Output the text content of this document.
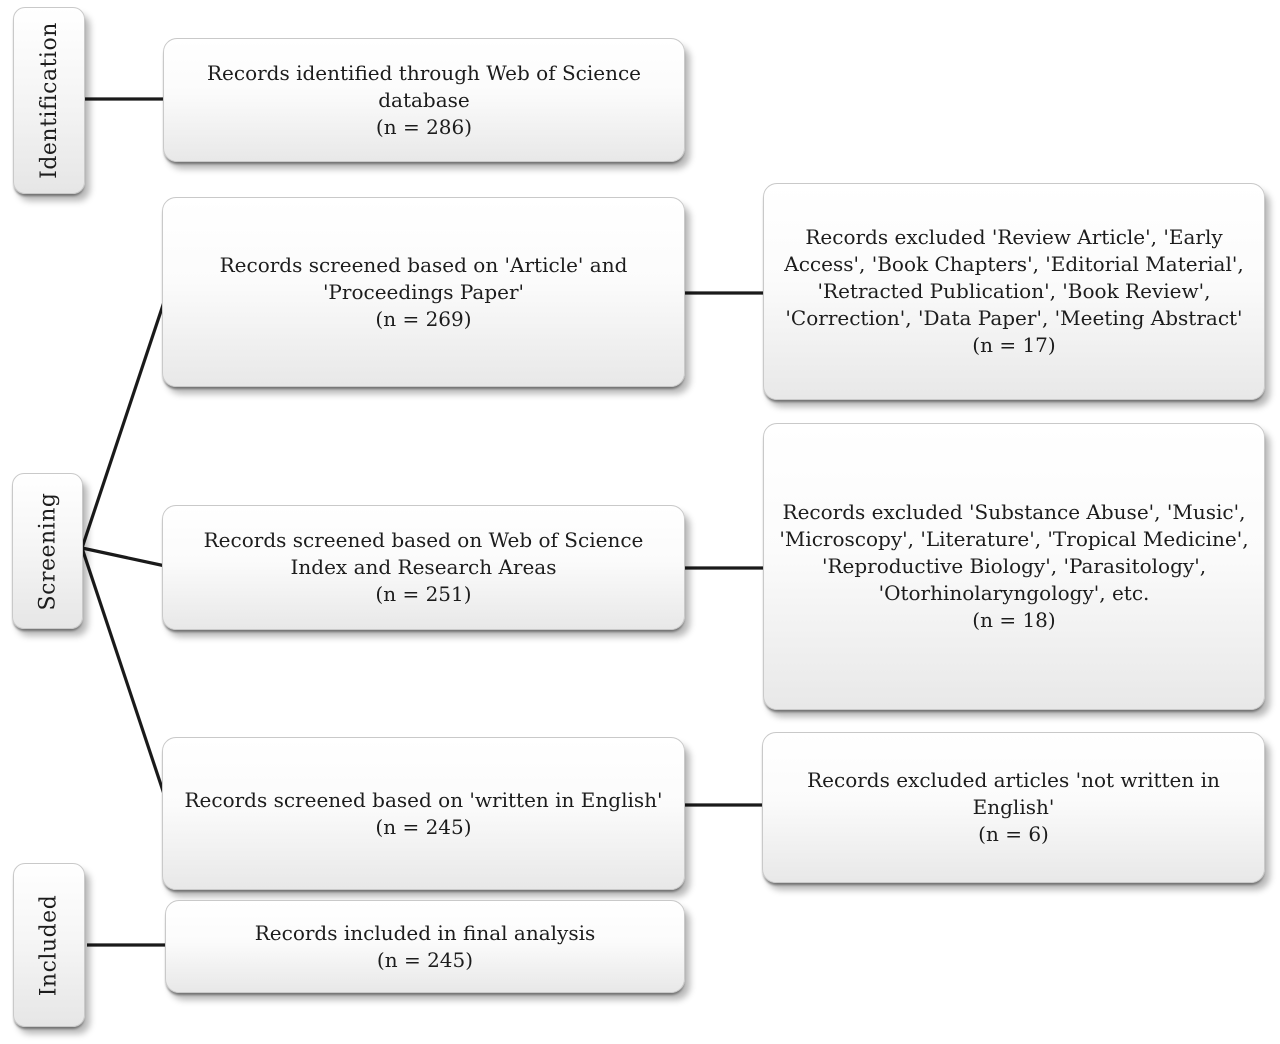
Identification
Screening
Included
Records identified through Web of Science database
(n = 286)
Records screened based on 'Article' and 'Proceedings Paper'
(n = 269)
Records screened based on Web of Science Index and Research Areas
(n = 251)
Records screened based on 'written in English'
(n = 245)
Records included in final analysis
(n = 245)
Records excluded 'Review Article', 'Early Access', 'Book Chapters', 'Editorial Material', 'Retracted Publication', 'Book Review', 'Correction', 'Data Paper', 'Meeting Abstract'
(n = 17)
Records excluded 'Substance Abuse', 'Music', 'Microscopy', 'Literature', 'Tropical Medicine', 'Reproductive Biology', 'Parasitology', 'Otorhinolaryngology', etc.
(n = 18)
Records excluded articles 'not written in English'
(n = 6)
